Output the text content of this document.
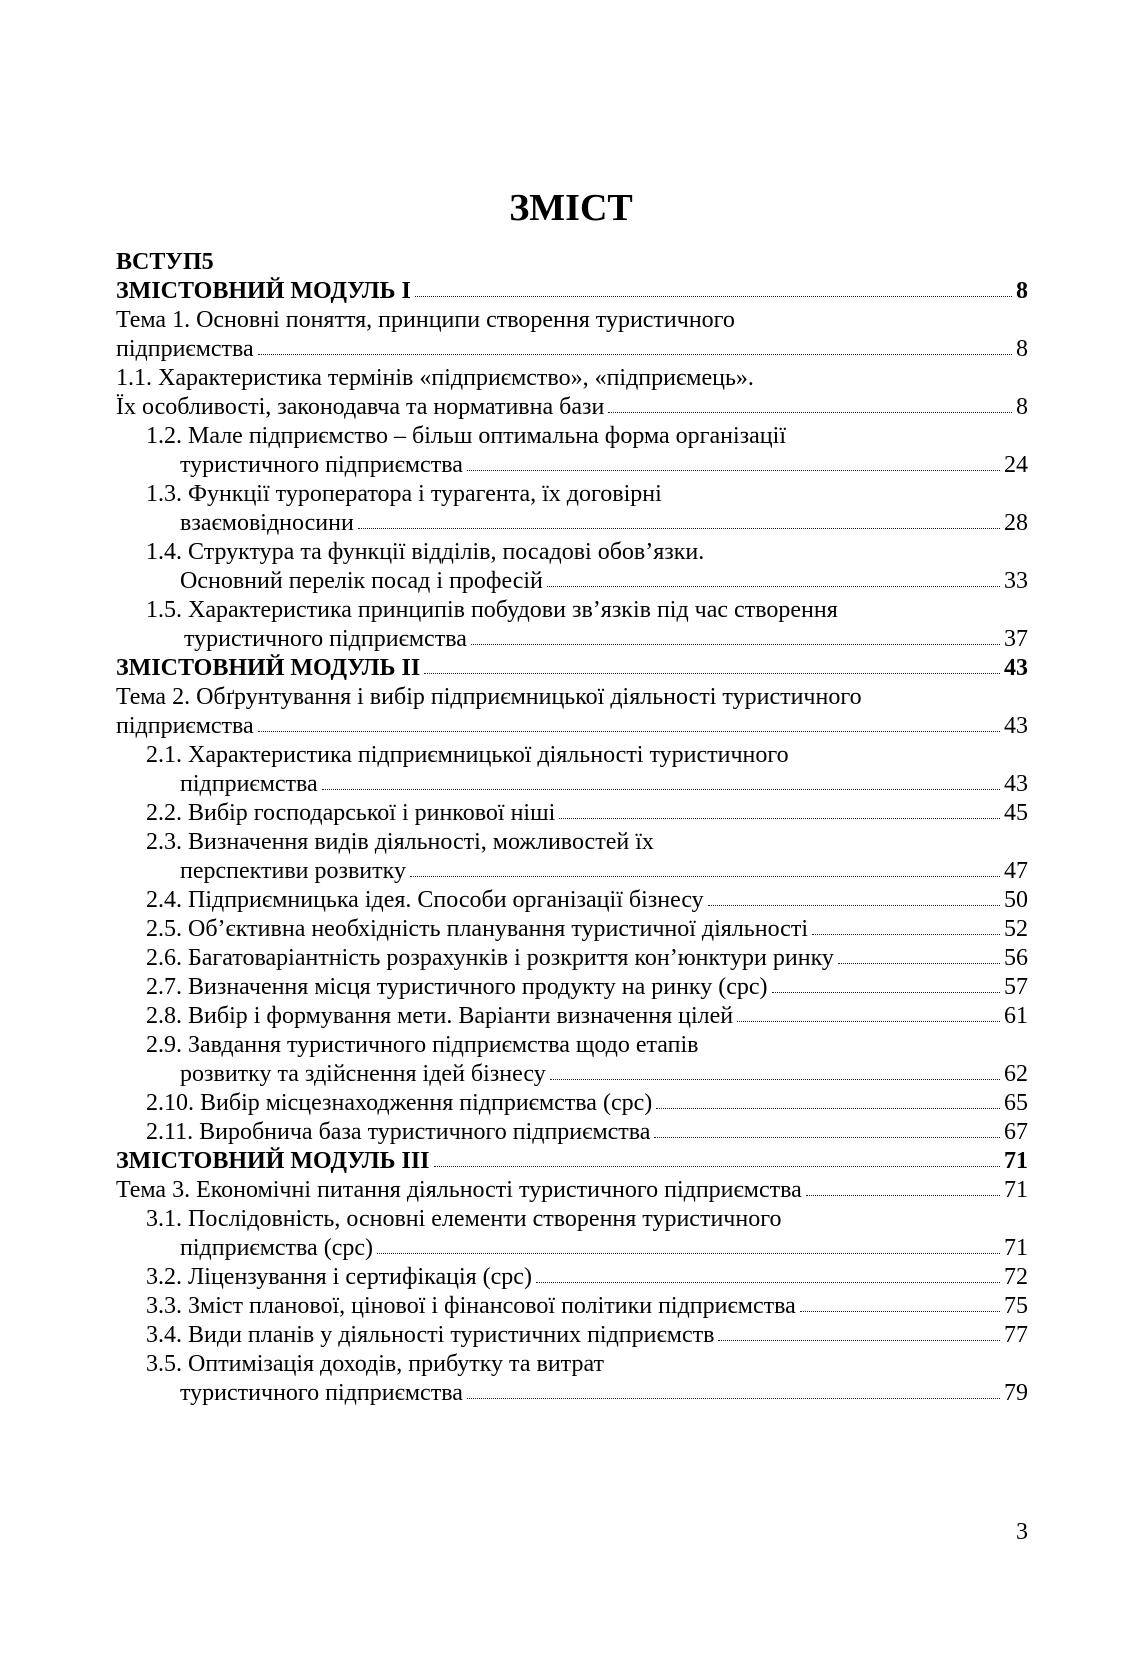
ЗМІСТ
ВСТУП5
ЗМІСТОВНИЙ МОДУЛЬ І	8
Тема 1. Основні поняття, принципи створення туристичного
підприємства	8
1.1. Характеристика термінів «підприємство», «підприємець».
Їх особливості, законодавча та нормативна бази	8
1.2. Мале підприємство – більш оптимальна форма організації
туристичного підприємства	24
1.3. Функції туроператора і турагента, їх договірні
взаємовідносини	28
1.4. Структура та функції відділів, посадові обов’язки.
Основний перелік посад і професій	33
1.5. Характеристика принципів побудови зв’язків під час створення
туристичного підприємства	37
ЗМІСТОВНИЙ МОДУЛЬ ІІ	43
Тема 2. Обґрунтування і вибір підприємницької діяльності туристичного
підприємства	43
2.1. Характеристика підприємницької діяльності туристичного
підприємства	43
2.2. Вибір господарської і ринкової ніші	45
2.3. Визначення видів діяльності, можливостей їх
перспективи розвитку	47
2.4. Підприємницька ідея. Способи організації бізнесу	50
2.5. Об’єктивна необхідність планування туристичної діяльності	52
2.6. Багатоваріантність розрахунків і розкриття кон’юнктури ринку	56
2.7. Визначення місця туристичного продукту на ринку (срс)	57
2.8. Вибір і формування мети. Варіанти визначення цілей	61
2.9. Завдання туристичного підприємства щодо етапів
розвитку та здійснення ідей бізнесу	62
2.10. Вибір місцезнаходження підприємства (срс)	65
2.11. Виробнича база туристичного підприємства	67
ЗМІСТОВНИЙ МОДУЛЬ ІІІ	71
Тема 3. Економічні питання діяльності туристичного підприємства	71
3.1. Послідовність, основні елементи створення туристичного
підприємства (срс)	71
3.2. Ліцензування і сертифікація (срс)	72
3.3. Зміст планової, цінової і фінансової політики підприємства	75
3.4. Види планів у діяльності туристичних підприємств	77
3.5. Оптимізація доходів, прибутку та витрат
туристичного підприємства	79
3
